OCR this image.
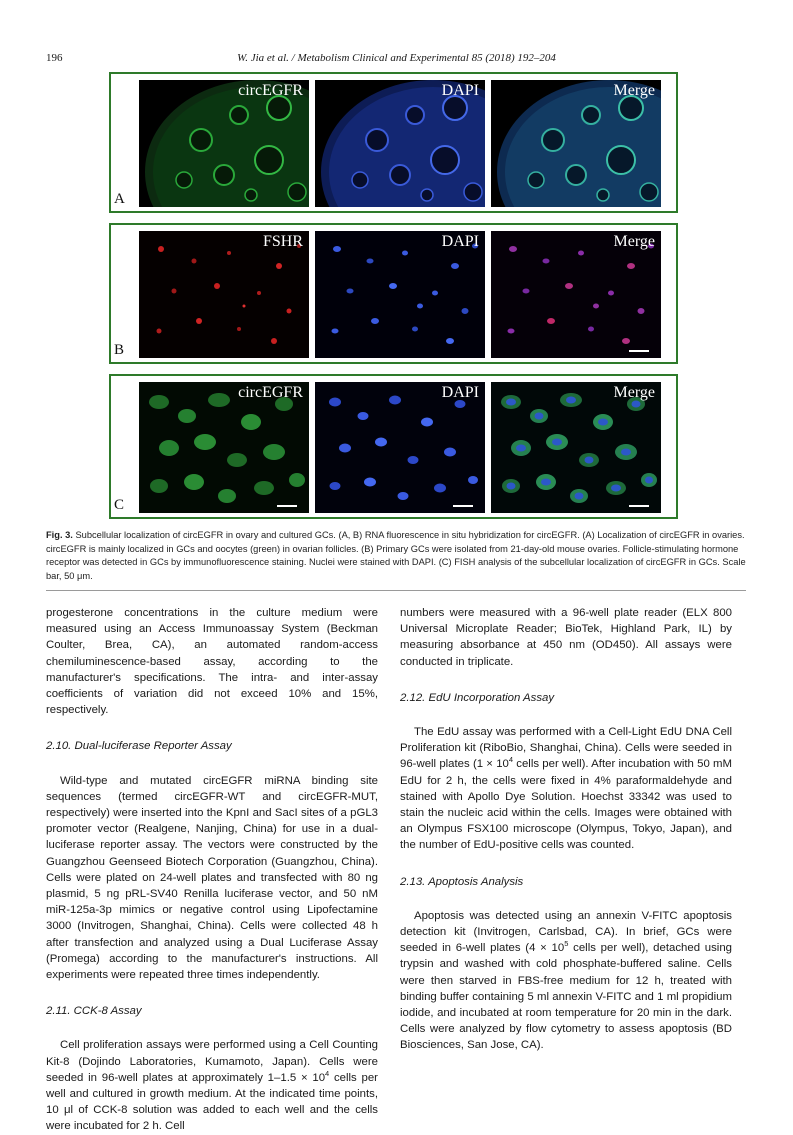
196	W. Jia et al. / Metabolism Clinical and Experimental 85 (2018) 192–204
circEGFR	DAPI	Merge
A
FSHR	DAPI	Merge
B
circEGFR	DAPI	Merge
C
Fig. 3. Subcellular localization of circEGFR in ovary and cultured GCs. (A, B) RNA fluorescence in situ hybridization for circEGFR. (A) Localization of circEGFR in ovaries. circEGFR is mainly localized in GCs and oocytes (green) in ovarian follicles. (B) Primary GCs were isolated from 21-day-old mouse ovaries. Follicle-stimulating hormone receptor was detected in GCs by immunofluorescence staining. Nuclei were stained with DAPI. (C) FISH analysis of the subcellular localization of circEGFR in GCs. Scale bar, 50 μm.

progesterone concentrations in the culture medium were measured using an Access Immunoassay System (Beckman Coulter, Brea, CA), an automated random-access chemiluminescence-based assay, according to the manufacturer's specifications. The intra- and inter-assay coefficients of variation did not exceed 10% and 15%, respectively.

2.10. Dual-luciferase Reporter Assay

Wild-type and mutated circEGFR miRNA binding site sequences (termed circEGFR-WT and circEGFR-MUT, respectively) were inserted into the KpnI and SacI sites of a pGL3 promoter vector (Realgene, Nanjing, China) for use in a dual-luciferase reporter assay. The vectors were constructed by the Guangzhou Geenseed Biotech Corporation (Guangzhou, China). Cells were plated on 24-well plates and transfected with 80 ng plasmid, 5 ng pRL-SV40 Renilla luciferase vector, and 50 nM miR-125a-3p mimics or negative control using Lipofectamine 3000 (Invitrogen, Shanghai, China). Cells were collected 48 h after transfection and analyzed using a Dual Luciferase Assay (Promega) according to the manufacturer's instructions. All experiments were repeated three times independently.

2.11. CCK-8 Assay

Cell proliferation assays were performed using a Cell Counting Kit-8 (Dojindo Laboratories, Kumamoto, Japan). Cells were seeded in 96-well plates at approximately $1-1.5 \times 10^4$ cells per well and cultured in growth medium. At the indicated time points, 10 μl of CCK-8 solution was added to each well and the cells were incubated for 2 h. Cell

numbers were measured with a 96-well plate reader (ELX 800 Universal Microplate Reader; BioTek, Highland Park, IL) by measuring absorbance at 450 nm (OD450). All assays were conducted in triplicate.

2.12. EdU Incorporation Assay

The EdU assay was performed with a Cell-Light EdU DNA Cell Proliferation kit (RiboBio, Shanghai, China). Cells were seeded in 96-well plates ($1 \times 10^4$ cells per well). After incubation with 50 mM EdU for 2 h, the cells were fixed in 4% paraformaldehyde and stained with Apollo Dye Solution. Hoechst 33342 was used to stain the nucleic acid within the cells. Images were obtained with an Olympus FSX100 microscope (Olympus, Tokyo, Japan), and the number of EdU-positive cells was counted.

2.13. Apoptosis Analysis

Apoptosis was detected using an annexin V-FITC apoptosis detection kit (Invitrogen, Carlsbad, CA). In brief, GCs were seeded in 6-well plates ($4 \times 10^5$ cells per well), detached using trypsin and washed with cold phosphate-buffered saline. Cells were then starved in FBS-free medium for 12 h, treated with binding buffer containing 5 ml annexin V-FITC and 1 ml propidium iodide, and incubated at room temperature for 20 min in the dark. Cells were analyzed by flow cytometry to assess apoptosis (BD Biosciences, San Jose, CA).
